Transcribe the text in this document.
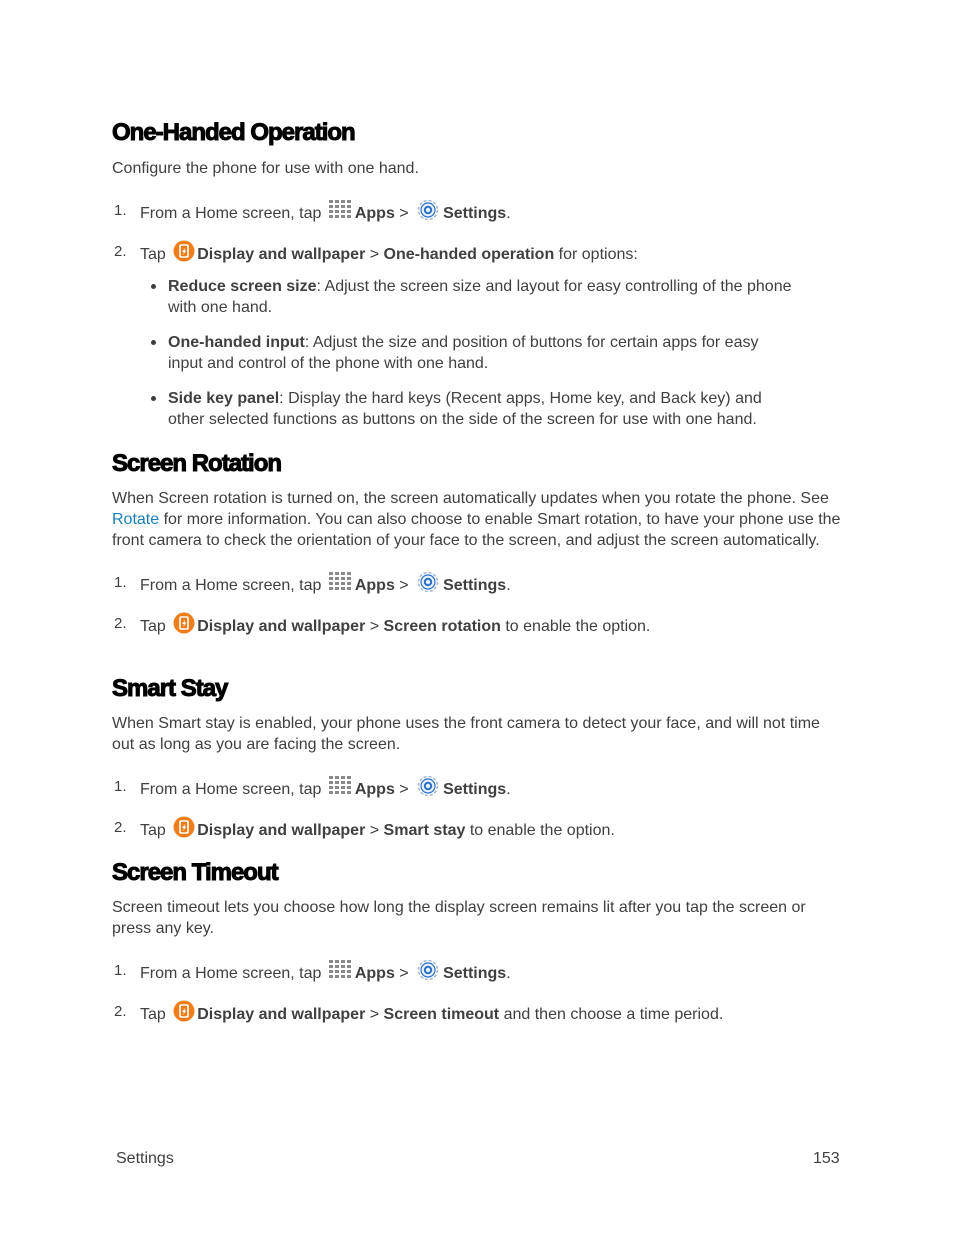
One-Handed Operation

Configure the phone for use with one hand.

1. From a Home screen, tap Apps > Settings.
2. Tap Display and wallpaper > One-handed operation for options:
Reduce screen size: Adjust the screen size and layout for easy controlling of the phone with one hand.
One-handed input: Adjust the size and position of buttons for certain apps for easy input and control of the phone with one hand.
Side key panel: Display the hard keys (Recent apps, Home key, and Back key) and other selected functions as buttons on the side of the screen for use with one hand.
Screen Rotation

When Screen rotation is turned on, the screen automatically updates when you rotate the phone. See Rotate for more information. You can also choose to enable Smart rotation, to have your phone use the front camera to check the orientation of your face to the screen, and adjust the screen automatically.

1. From a Home screen, tap Apps > Settings.
2. Tap Display and wallpaper > Screen rotation to enable the option.
Smart Stay

When Smart stay is enabled, your phone uses the front camera to detect your face, and will not time out as long as you are facing the screen.

1. From a Home screen, tap Apps > Settings.
2. Tap Display and wallpaper > Smart stay to enable the option.
Screen Timeout

Screen timeout lets you choose how long the display screen remains lit after you tap the screen or press any key.

1. From a Home screen, tap Apps > Settings.
2. Tap Display and wallpaper > Screen timeout and then choose a time period.
Settings	153
